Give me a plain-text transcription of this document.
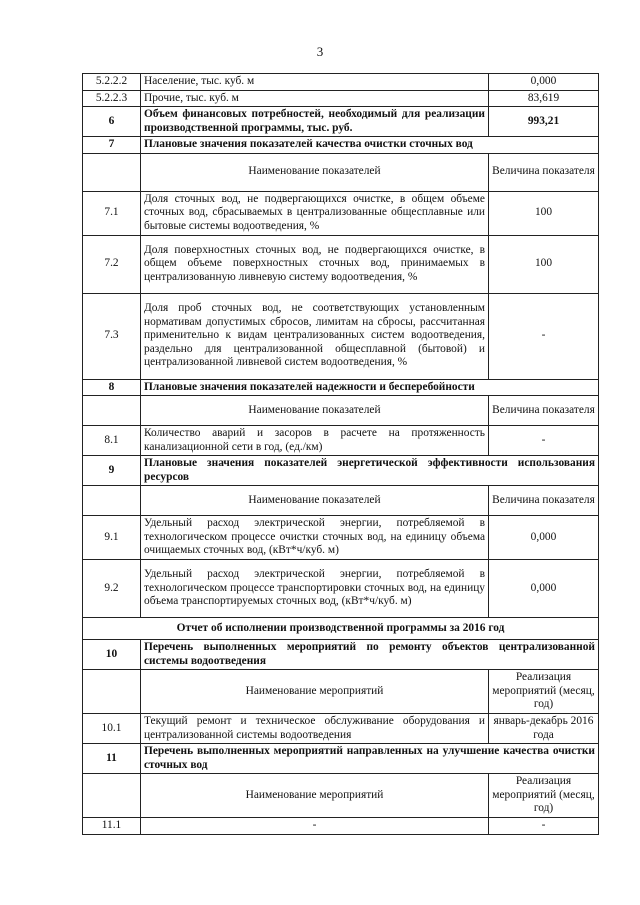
3
5.2.2.2	Население, тыс. куб. м	0,000
5.2.2.3	Прочие, тыс. куб. м	83,619
6	Объем финансовых потребностей, необходимый для реализации производственной программы, тыс. руб.	993,21
7	Плановые значения показателей качества очистки сточных вод	
	Наименование показателей	Величина показателя
7.1	Доля сточных вод, не подвергающихся очистке, в общем объеме сточных вод, сбрасываемых в централизованные общесплавные или бытовые системы водоотведения, %	100
7.2	Доля поверхностных сточных вод, не подвергающихся очистке, в общем объеме поверхностных сточных вод, принимаемых в централизованную ливневую систему водоотведения, %	100
7.3	Доля проб сточных вод, не соответствующих установленным нормативам допустимых сбросов, лимитам на сбросы, рассчитанная применительно к видам централизованных систем водоотведения, раздельно для централизованной общесплавной (бытовой) и централизованной ливневой систем водоотведения, %	-
8	Плановые значения показателей надежности и бесперебойности	
	Наименование показателей	Величина показателя
8.1	Количество аварий и засоров в расчете на протяженность канализационной сети в год, (ед./км)	-
9	Плановые значения показателей энергетической эффективности использования ресурсов	
	Наименование показателей	Величина показателя
9.1	Удельный расход электрической энергии, потребляемой в технологическом процессе очистки сточных вод, на единицу объема очищаемых сточных вод, (кВт*ч/куб. м)	0,000
9.2	Удельный расход электрической энергии, потребляемой в технологическом процессе транспортировки сточных вод, на единицу объема транспортируемых сточных вод, (кВт*ч/куб. м)	0,000
Отчет об исполнении производственной программы за 2016 год		
10	Перечень выполненных мероприятий по ремонту объектов централизованной системы водоотведения	
	Наименование мероприятий	Реализация мероприятий (месяц, год)
10.1	Текущий ремонт и техническое обслуживание оборудования и централизованной системы водоотведения	январь-декабрь 2016 года
11	Перечень выполненных мероприятий направленных на улучшение качества очистки сточных вод	
	Наименование мероприятий	Реализация мероприятий (месяц, год)
11.1	-	-
